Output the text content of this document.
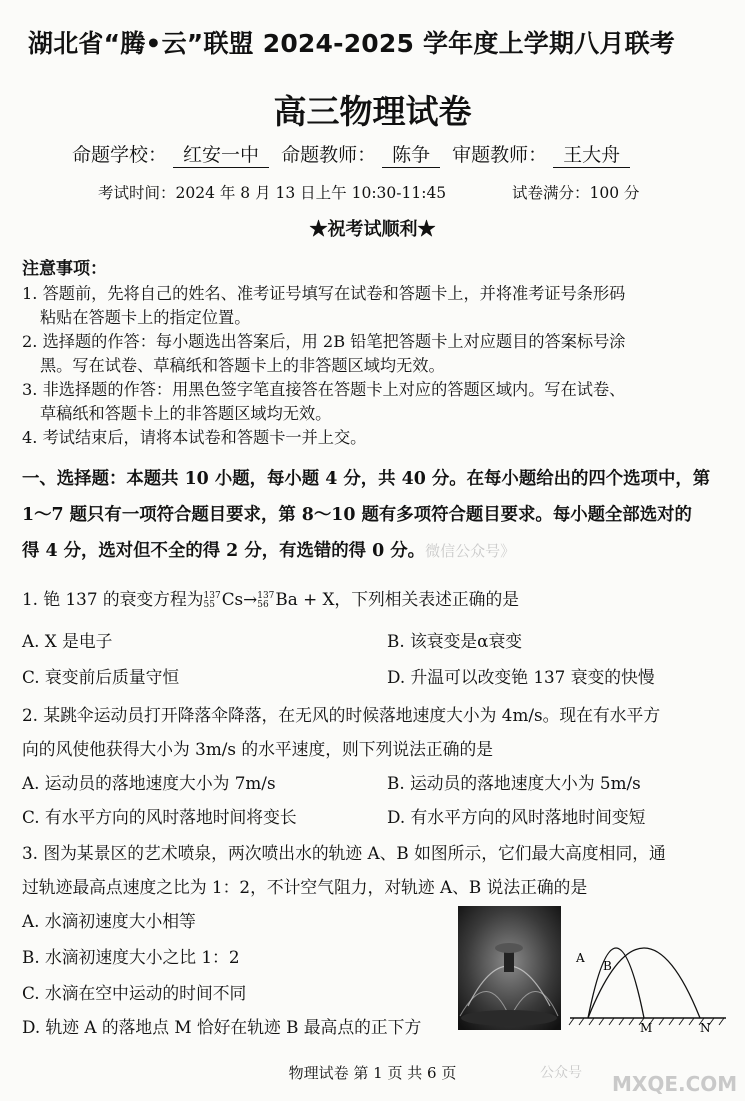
湖北省“腾•云”联盟 2024-2025 学年度上学期八月联考
高三物理试卷
命题学校： 红安一中 命题教师： 陈争 审题教师： 王大舟
考试时间：2024 年 8 月 13 日上午 10:30-11:45	试卷满分：100 分
★祝考试顺利★
注意事项：
1. 答题前，先将自己的姓名、准考证号填写在试卷和答题卡上，并将准考证号条形码
粘贴在答题卡上的指定位置。
2. 选择题的作答：每小题选出答案后，用 2B 铅笔把答题卡上对应题目的答案标号涂
黑。写在试卷、草稿纸和答题卡上的非答题区域均无效。
3. 非选择题的作答：用黑色签字笔直接答在答题卡上对应的答题区域内。写在试卷、
草稿纸和答题卡上的非答题区域均无效。
4. 考试结束后，请将本试卷和答题卡一并上交。
一、选择题：本题共 10 小题，每小题 4 分，共 40 分。在每小题给出的四个选项中，第
1～7 题只有一项符合题目要求，第 8～10 题有多项符合题目要求。每小题全部选对的
得 4 分，选对但不全的得 2 分，有选错的得 0 分。微信公众号》
1. 铯 137 的衰变方程为 137
55 Cs→ 137
56 Ba + X，下列相关表述正确的是
A. X 是电子	B. 该衰变是α衰变
C. 衰变前后质量守恒	D. 升温可以改变铯 137 衰变的快慢
2. 某跳伞运动员打开降落伞降落，在无风的时候落地速度大小为 4m/s。现在有水平方
向的风使他获得大小为 3m/s 的水平速度，则下列说法正确的是
A. 运动员的落地速度大小为 7m/s	B. 运动员的落地速度大小为 5m/s
C. 有水平方向的风时落地时间将变长	D. 有水平方向的风时落地时间变短
3. 图为某景区的艺术喷泉，两次喷出水的轨迹 A、B 如图所示，它们最大高度相同，通
过轨迹最高点速度之比为 1：2，不计空气阻力，对轨迹 A、B 说法正确的是
A. 水滴初速度大小相等
B. 水滴初速度大小之比 1：2
C. 水滴在空中运动的时间不同
D. 轨迹 A 的落地点 M 恰好在轨迹 B 最高点的正下方
A
B
M	N
物理试卷 第 1 页 共 6 页	公众号 MXQE.COM
